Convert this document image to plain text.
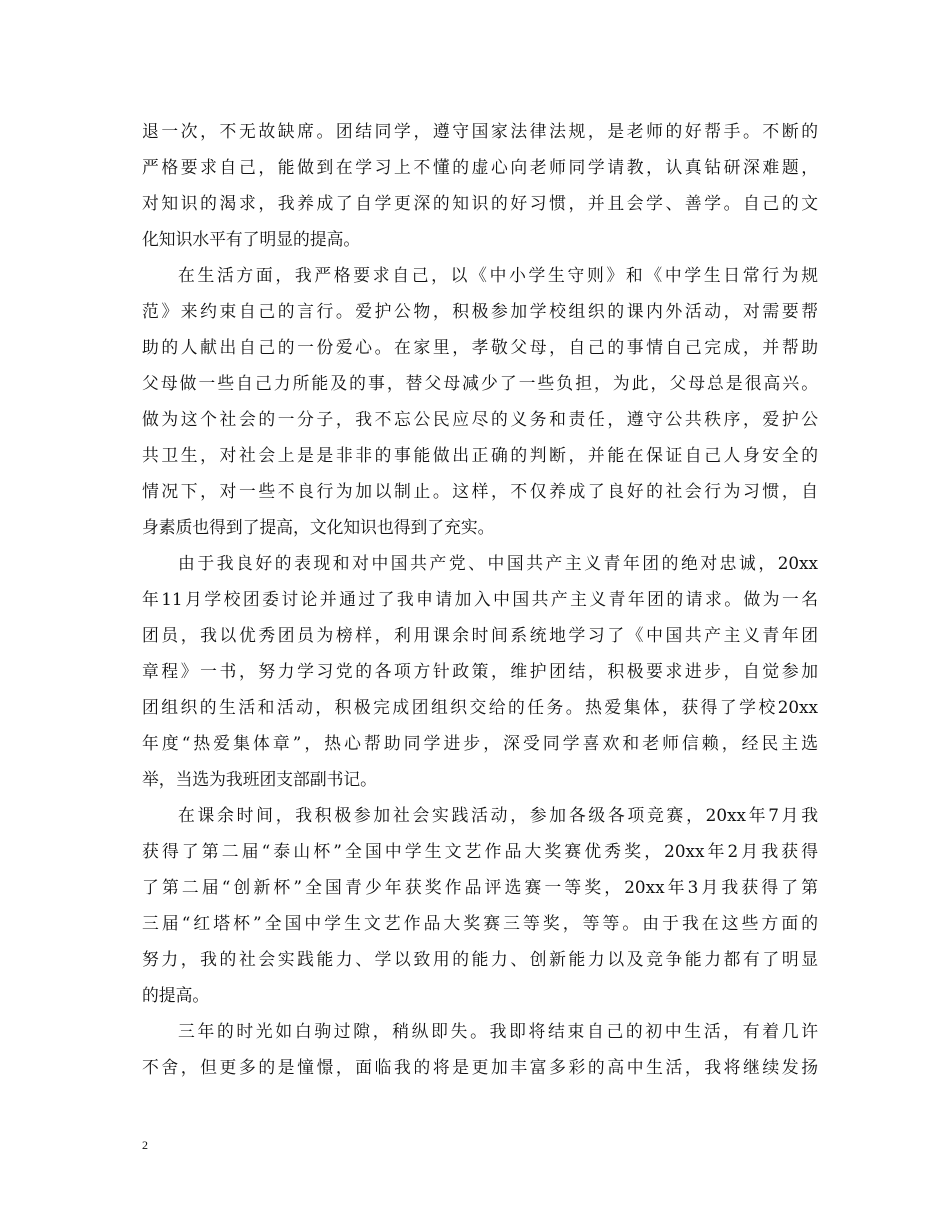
退一次，不无故缺席。团结同学，遵守国家法律法规，是老师的好帮手。不断的
严格要求自己，能做到在学习上不懂的虚心向老师同学请教，认真钻研深难题，
对知识的渴求，我养成了自学更深的知识的好习惯，并且会学、善学。自己的文
化知识水平有了明显的提高。
在生活方面，我严格要求自己，以《中小学生守则》和《中学生日常行为规
范》来约束自己的言行。爱护公物，积极参加学校组织的课内外活动，对需要帮
助的人献出自己的一份爱心。在家里，孝敬父母，自己的事情自己完成，并帮助
父母做一些自己力所能及的事，替父母减少了一些负担，为此，父母总是很高兴。
做为这个社会的一分子，我不忘公民应尽的义务和责任，遵守公共秩序，爱护公
共卫生，对社会上是是非非的事能做出正确的判断，并能在保证自己人身安全的
情况下，对一些不良行为加以制止。这样，不仅养成了良好的社会行为习惯，自
身素质也得到了提高，文化知识也得到了充实。
由于我良好的表现和对中国共产党、中国共产主义青年团的绝对忠诚，20xx
年11月学校团委讨论并通过了我申请加入中国共产主义青年团的请求。做为一名
团员，我以优秀团员为榜样，利用课余时间系统地学习了《中国共产主义青年团
章程》一书，努力学习党的各项方针政策，维护团结，积极要求进步，自觉参加
团组织的生活和活动，积极完成团组织交给的任务。热爱集体，获得了学校20xx
年度“热爱集体章”，热心帮助同学进步，深受同学喜欢和老师信赖，经民主选
举，当选为我班团支部副书记。
在课余时间，我积极参加社会实践活动，参加各级各项竞赛，20xx年7月我
获得了第二届“泰山杯”全国中学生文艺作品大奖赛优秀奖，20xx年2月我获得
了第二届“创新杯”全国青少年获奖作品评选赛一等奖，20xx年3月我获得了第
三届“红塔杯”全国中学生文艺作品大奖赛三等奖，等等。由于我在这些方面的
努力，我的社会实践能力、学以致用的能力、创新能力以及竞争能力都有了明显
的提高。
三年的时光如白驹过隙，稍纵即失。我即将结束自己的初中生活，有着几许
不舍，但更多的是憧憬，面临我的将是更加丰富多彩的高中生活，我将继续发扬
2
